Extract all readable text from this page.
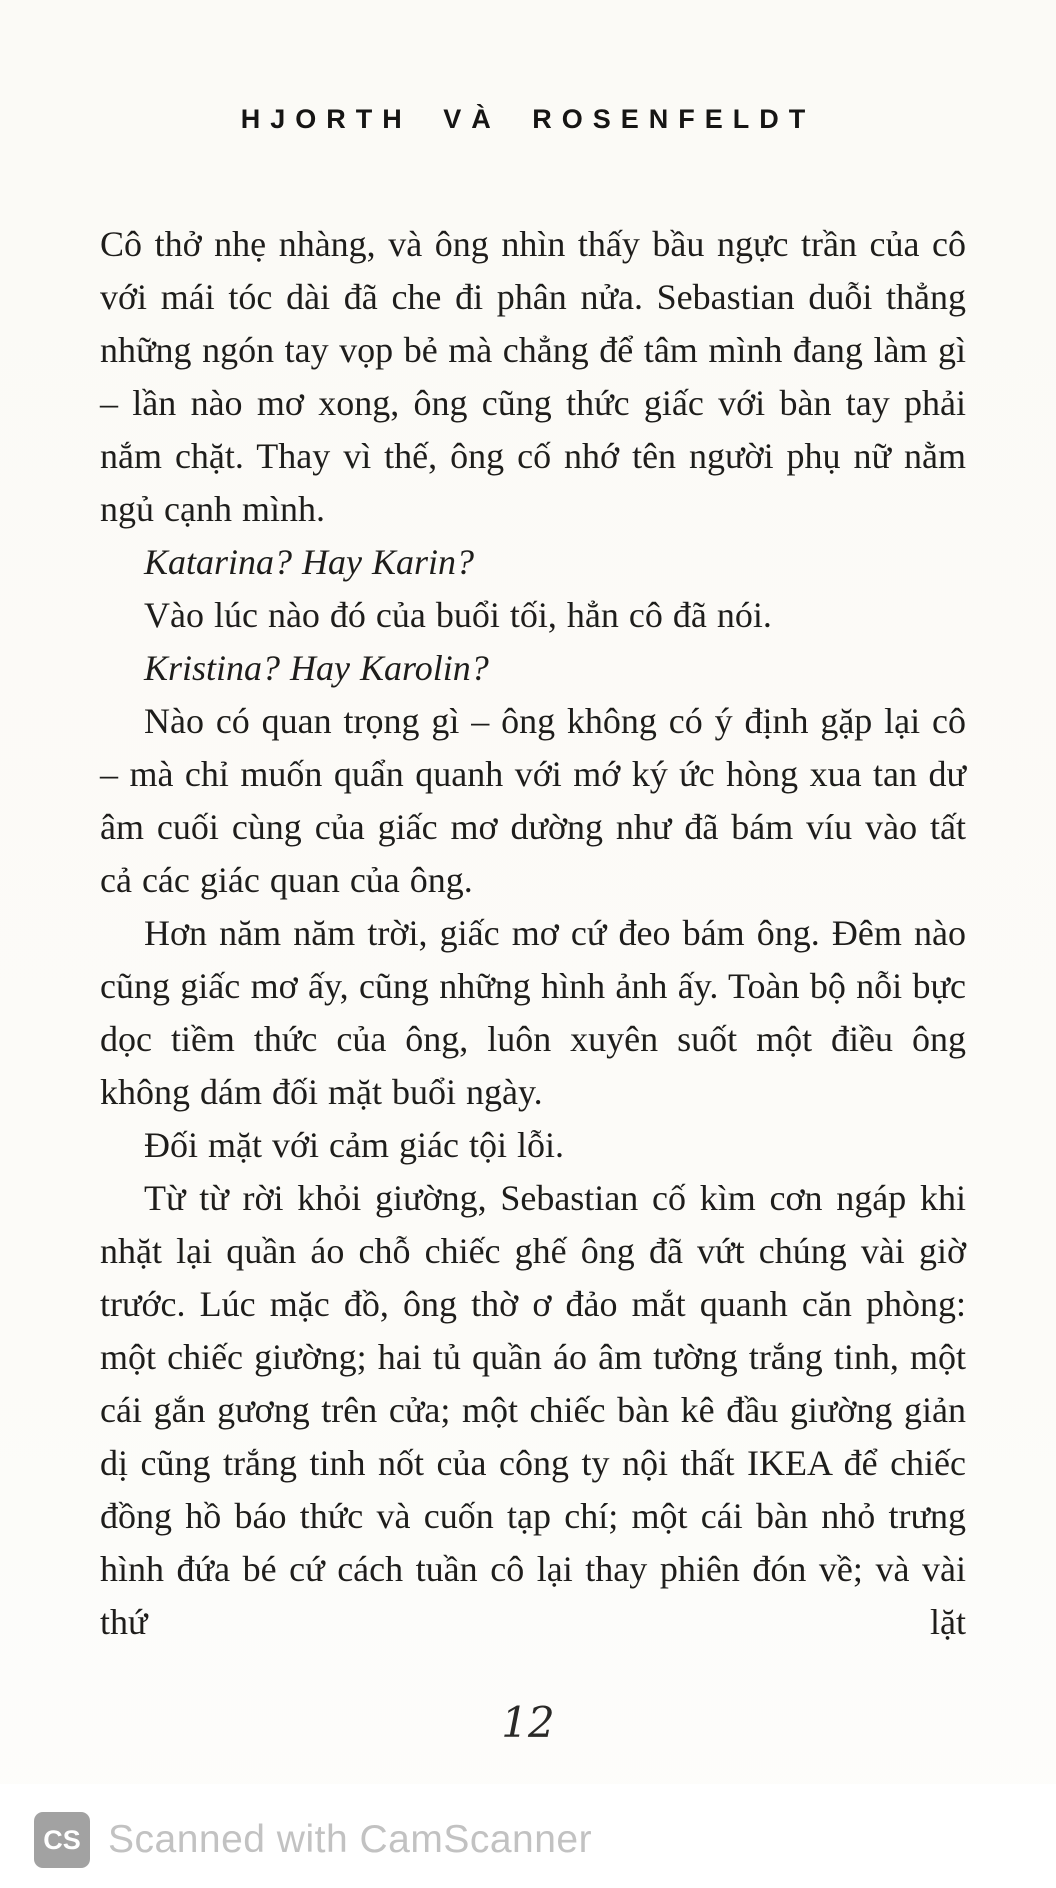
HJORTH VÀ ROSENFELDT

Cô thở nhẹ nhàng, và ông nhìn thấy bầu ngực trần của cô với mái tóc dài đã che đi phân nửa. Sebastian duỗi thẳng những ngón tay vọp bẻ mà chẳng để tâm mình đang làm gì – lần nào mơ xong, ông cũng thức giấc với bàn tay phải nắm chặt. Thay vì thế, ông cố nhớ tên người phụ nữ nằm ngủ cạnh mình.

Katarina? Hay Karin?

Vào lúc nào đó của buổi tối, hẳn cô đã nói.

Kristina? Hay Karolin?

Nào có quan trọng gì – ông không có ý định gặp lại cô – mà chỉ muốn quẩn quanh với mớ ký ức hòng xua tan dư âm cuối cùng của giấc mơ dường như đã bám víu vào tất cả các giác quan của ông.

Hơn năm năm trời, giấc mơ cứ đeo bám ông. Đêm nào cũng giấc mơ ấy, cũng những hình ảnh ấy. Toàn bộ nỗi bực dọc tiềm thức của ông, luôn xuyên suốt một điều ông không dám đối mặt buổi ngày.

Đối mặt với cảm giác tội lỗi.

Từ từ rời khỏi giường, Sebastian cố kìm cơn ngáp khi nhặt lại quần áo chỗ chiếc ghế ông đã vứt chúng vài giờ trước. Lúc mặc đồ, ông thờ ơ đảo mắt quanh căn phòng: một chiếc giường; hai tủ quần áo âm tường trắng tinh, một cái gắn gương trên cửa; một chiếc bàn kê đầu giường giản dị cũng trắng tinh nốt của công ty nội thất IKEA để chiếc đồng hồ báo thức và cuốn tạp chí; một cái bàn nhỏ trưng hình đứa bé cứ cách tuần cô lại thay phiên đón về; và vài thứ lặt

12
CS Scanned with CamScanner
